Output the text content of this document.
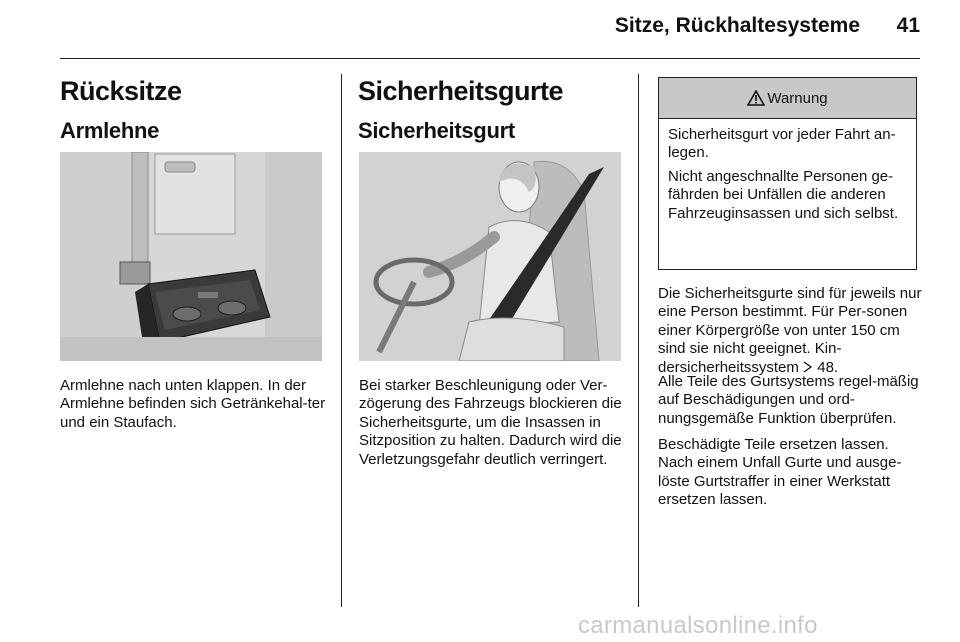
Sitze, Rückhaltesysteme	41
Rücksitze
Armlehne

Armlehne nach unten klappen. In der Armlehne befinden sich Getränkehal-ter und ein Staufach.

Sicherheitsgurte
Sicherheitsgurt

Bei starker Beschleunigung oder Ver-zögerung des Fahrzeugs blockieren die Sicherheitsgurte, um die Insassen in Sitzposition zu halten. Dadurch wird die Verletzungsgefahr deutlich verringert.

Warnung

Sicherheitsgurt vor jeder Fahrt an-legen.

Nicht angeschnallte Personen ge-fährden bei Unfällen die anderen Fahrzeuginsassen und sich selbst.

Die Sicherheitsgurte sind für jeweils nur eine Person bestimmt. Für Per-sonen einer Körpergröße von unter 150 cm sind sie nicht geeignet. Kin-dersicherheitssystem 48.

Alle Teile des Gurtsystems regel-mäßig auf Beschädigungen und ord-nungsgemäße Funktion überprüfen.

Beschädigte Teile ersetzen lassen. Nach einem Unfall Gurte und ausge-löste Gurtstraffer in einer Werkstatt ersetzen lassen.

carmanualsonline.info
